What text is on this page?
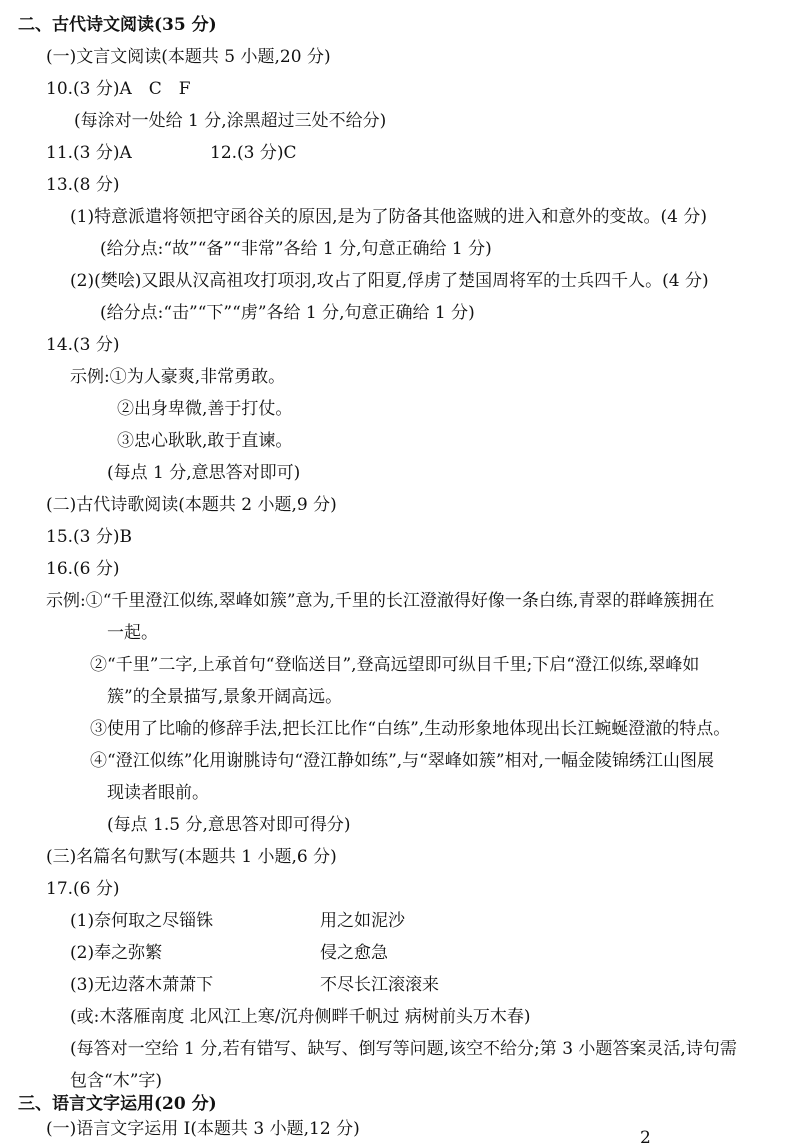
二、古代诗文阅读(35 分)
(一)文言文阅读(本题共 5 小题,20 分)
10.(3 分)A　C　F
(每涂对一处给 1 分,涂黑超过三处不给分)
11.(3 分)A	12.(3 分)C
13.(8 分)
(1)特意派遣将领把守函谷关的原因,是为了防备其他盗贼的进入和意外的变故。(4 分)
(给分点:“故”“备”“非常”各给 1 分,句意正确给 1 分)
(2)(樊哙)又跟从汉高祖攻打项羽,攻占了阳夏,俘虏了楚国周将军的士兵四千人。(4 分)
(给分点:“击”“下”“虏”各给 1 分,句意正确给 1 分)
14.(3 分)
示例:①为人豪爽,非常勇敢。
②出身卑微,善于打仗。
③忠心耿耿,敢于直谏。
(每点 1 分,意思答对即可)
(二)古代诗歌阅读(本题共 2 小题,9 分)
15.(3 分)B
16.(6 分)
示例:①“千里澄江似练,翠峰如簇”意为,千里的长江澄澈得好像一条白练,青翠的群峰簇拥在
一起。
②“千里”二字,上承首句“登临送目”,登高远望即可纵目千里;下启“澄江似练,翠峰如
簇”的全景描写,景象开阔高远。
③使用了比喻的修辞手法,把长江比作“白练”,生动形象地体现出长江蜿蜒澄澈的特点。
④“澄江似练”化用谢朓诗句“澄江静如练”,与“翠峰如簇”相对,一幅金陵锦绣江山图展
现读者眼前。
(每点 1.5 分,意思答对即可得分)
(三)名篇名句默写(本题共 1 小题,6 分)
17.(6 分)
(1)奈何取之尽锱铢	用之如泥沙
(2)奉之弥繁	侵之愈急
(3)无边落木萧萧下	不尽长江滚滚来
(或:木落雁南度 北风江上寒/沉舟侧畔千帆过 病树前头万木春)
(每答对一空给 1 分,若有错写、缺写、倒写等问题,该空不给分;第 3 小题答案灵活,诗句需
包含“木”字)
三、语言文字运用(20 分)
(一)语言文字运用 Ⅰ(本题共 3 小题,12 分)	2
